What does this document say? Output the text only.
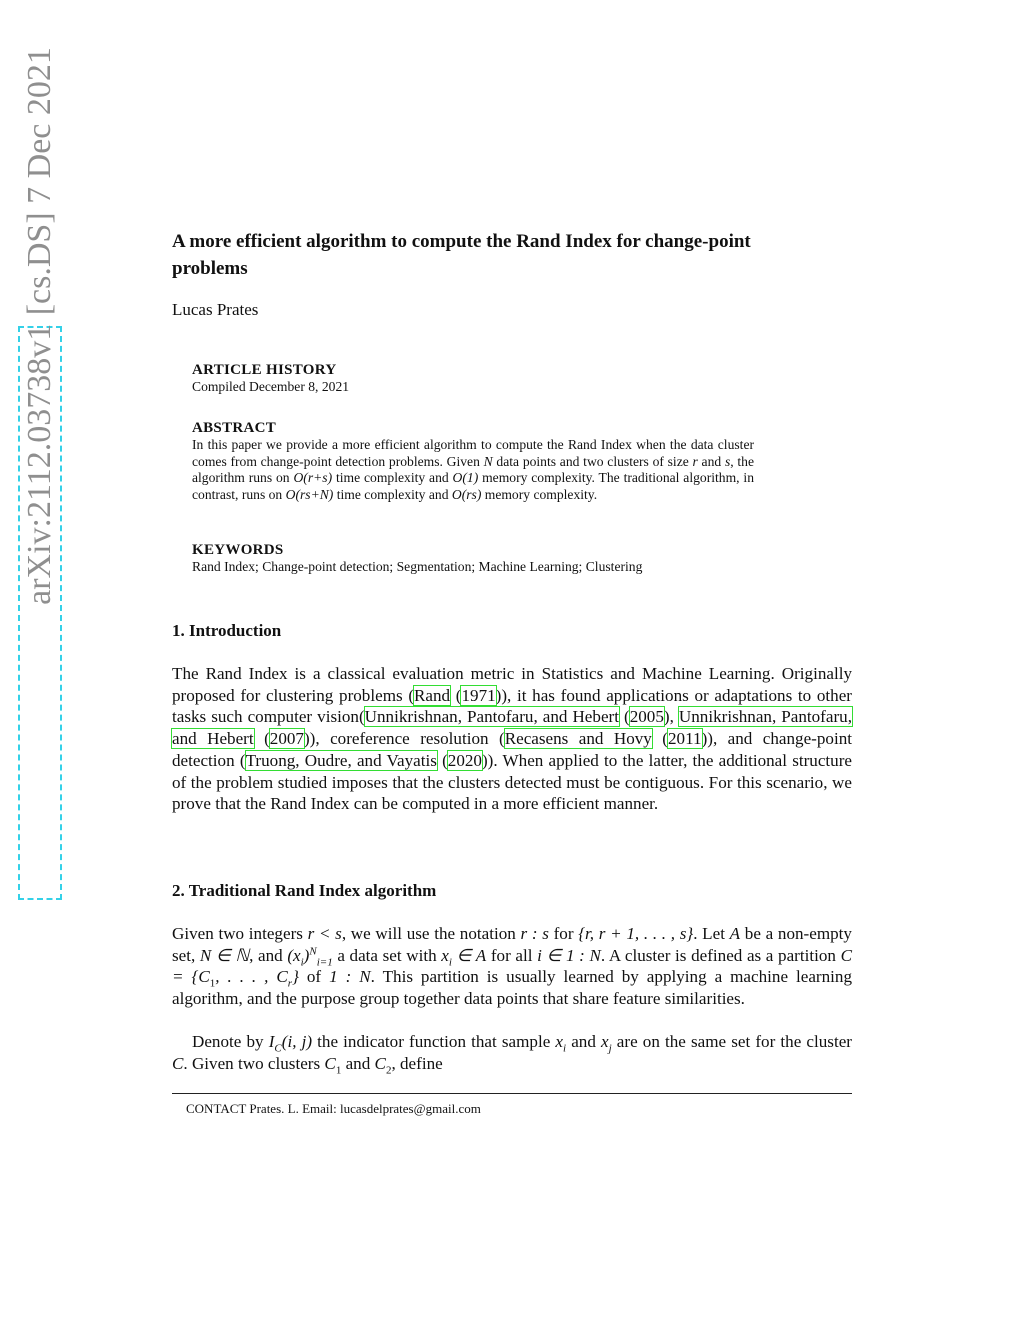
arXiv:2112.03738v1 [cs.DS] 7 Dec 2021	A more efficient algorithm to compute the Rand Index for change-point problems
Lucas Prates
ARTICLE HISTORY
Compiled December 8, 2021
ABSTRACT
In this paper we provide a more efficient algorithm to compute the Rand Index when the data cluster comes from change-point detection problems. Given N data points and two clusters of size r and s, the algorithm runs on O(r+s) time complexity and O(1) memory complexity. The traditional algorithm, in contrast, runs on O(rs+N) time complexity and O(rs) memory complexity.
KEYWORDS
Rand Index; Change-point detection; Segmentation; Machine Learning; Clustering
1. Introduction
The Rand Index is a classical evaluation metric in Statistics and Machine Learning. Originally proposed for clustering problems (Rand (1971)), it has found applications or adaptations to other tasks such computer vision(Unnikrishnan, Pantofaru, and Hebert (2005), Unnikrishnan, Pantofaru, and Hebert (2007)), coreference resolution (Recasens and Hovy (2011)), and change-point detection (Truong, Oudre, and Vayatis (2020)). When applied to the latter, the additional structure of the problem studied imposes that the clusters detected must be contiguous. For this scenario, we prove that the Rand Index can be computed in a more efficient manner.
2. Traditional Rand Index algorithm
Given two integers r < s, we will use the notation r : s for {r, r + 1, . . . , s}. Let A be a non-empty set, N ∈ ℕ, and $(x_i)^N_{i=1}$ a data set with $x_i$ ∈ A for all i ∈ 1 : N. A cluster is defined as a partition $C = \{C_1$, . . . , $C_r$} of 1 : N. This partition is usually learned by applying a machine learning algorithm, and the purpose group together data points that share feature similarities.
Denote by $I_C(i$, j) the indicator function that sample $x_i$ and $x_j$ are on the same set for the cluster C. Given two clusters $C_1$ and $C_2$, define
CONTACT Prates. L. Email: lucasdelprates@gmail.com
